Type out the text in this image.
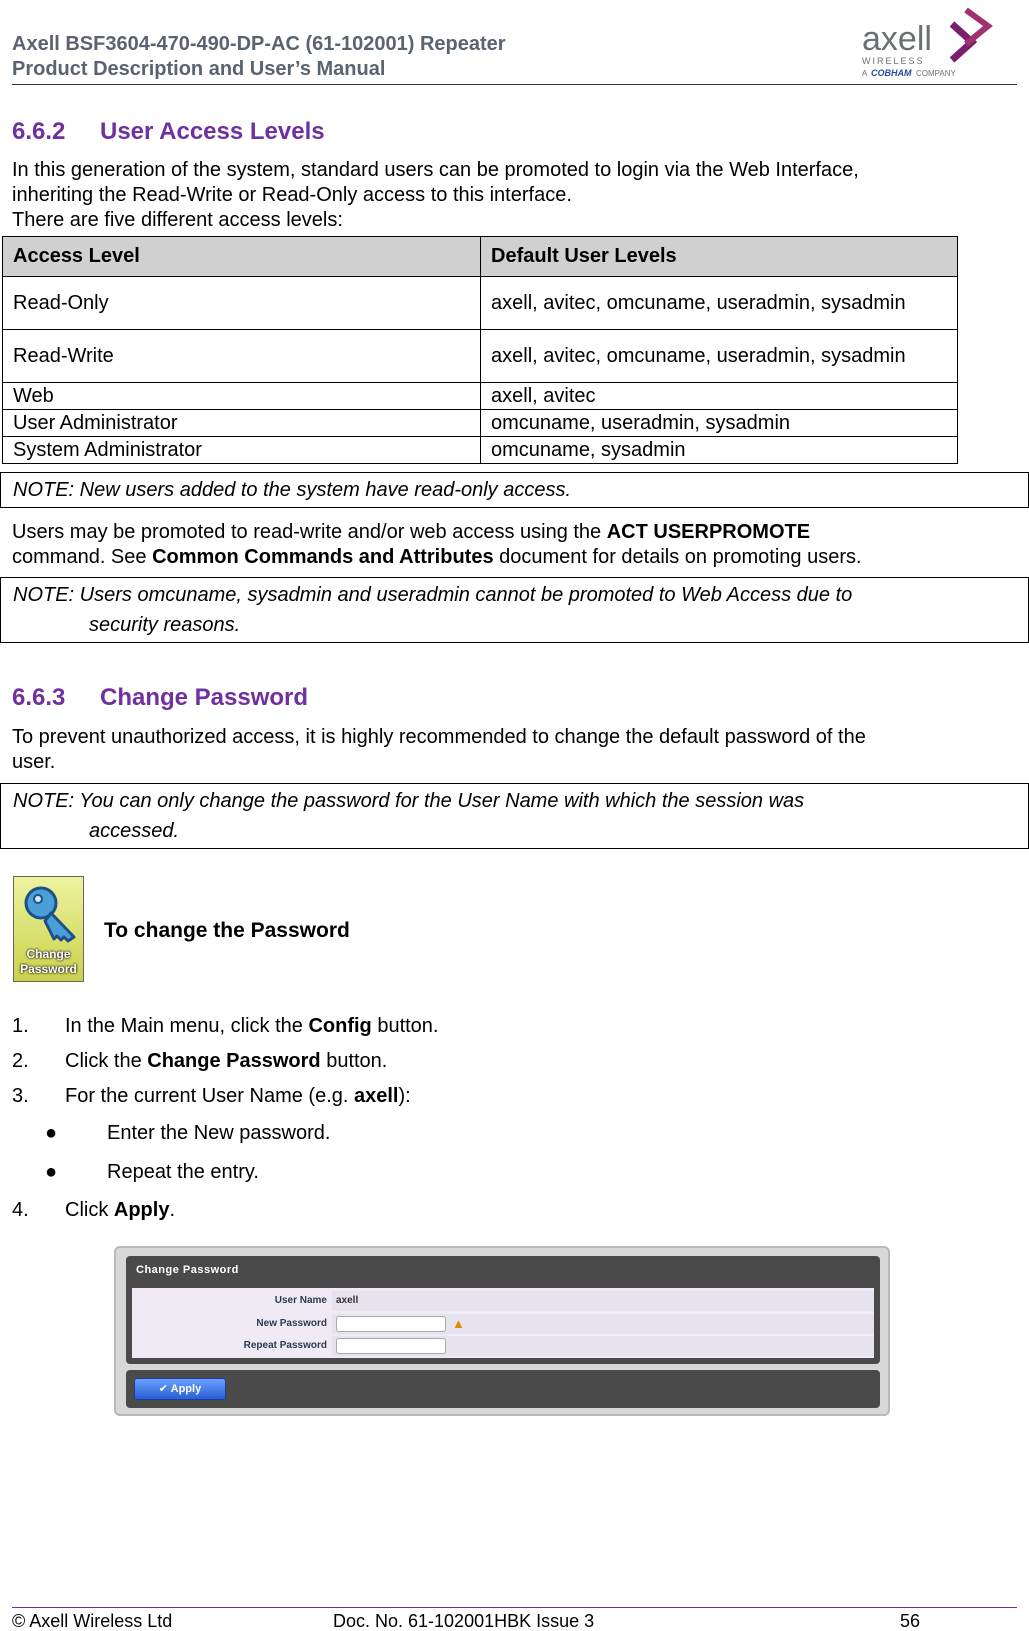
Axell BSF3604-470-490-DP-AC (61-102001) Repeater
Product Description and User’s Manual
axell
WIRELESS
A COBHAM COMPANY
6.6.2 User Access Levels
In this generation of the system, standard users can be promoted to login via the Web Interface,
inheriting the Read-Write or Read-Only access to this interface.
There are five different access levels:
Access Level	Default User Levels
Read-Only	axell, avitec, omcuname, useradmin, sysadmin
Read-Write	axell, avitec, omcuname, useradmin, sysadmin
Web	axell, avitec
User Administrator	omcuname, useradmin, sysadmin
System Administrator	omcuname, sysadmin
NOTE: New users added to the system have read-only access.
Users may be promoted to read-write and/or web access using the ACT USERPROMOTE
command. See Common Commands and Attributes document for details on promoting users.
NOTE: Users omcuname, sysadmin and useradmin cannot be promoted to Web Access due to
security reasons.
6.6.3 Change Password
To prevent unauthorized access, it is highly recommended to change the default password of the
user.
NOTE: You can only change the password for the User Name with which the session was
accessed.
Change
Password
To change the Password
1. In the Main menu, click the Config button.
2. Click the Change Password button.
3. For the current User Name (e.g. axell):
● Enter the New password.
● Repeat the entry.
4. Click Apply.
Change Password
User Name axell
New Password	▲
Repeat Password
✔ Apply
© Axell Wireless Ltd	Doc. No. 61-102001HBK Issue 3	56
